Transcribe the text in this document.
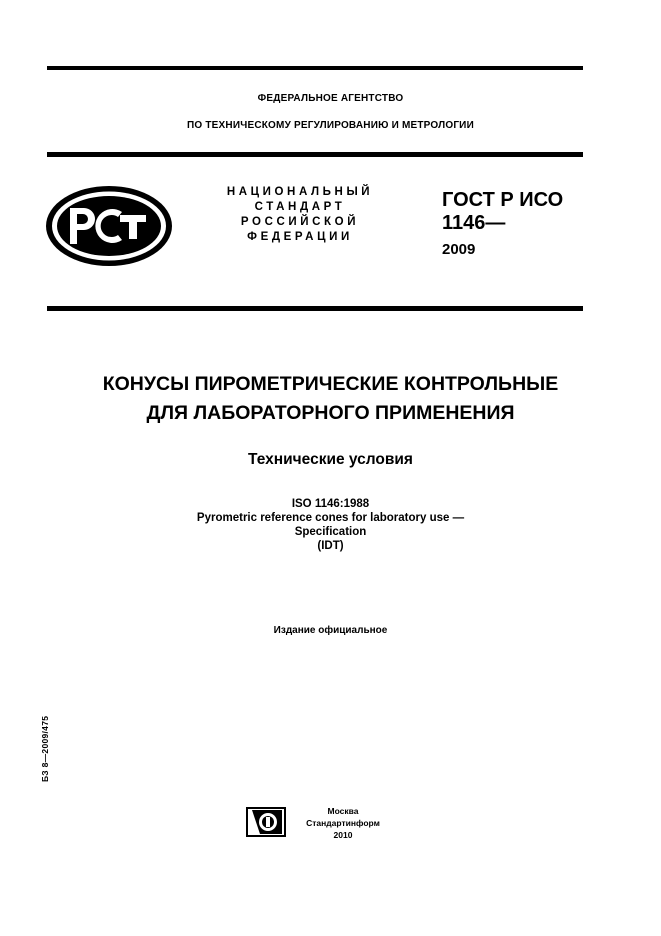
ФЕДЕРАЛЬНОЕ АГЕНТСТВО
ПО ТЕХНИЧЕСКОМУ РЕГУЛИРОВАНИЮ И МЕТРОЛОГИИ
НАЦИОНАЛЬНЫЙ
СТАНДАРТ
РОССИЙСКОЙ
ФЕДЕРАЦИИ
ГОСТ Р ИСО
1146—
2009
КОНУСЫ ПИРОМЕТРИЧЕСКИЕ КОНТРОЛЬНЫЕ
ДЛЯ ЛАБОРАТОРНОГО ПРИМЕНЕНИЯ
Технические условия
ISO 1146:1988
Pyrometric reference cones for laboratory use —
Specification
(IDT)
Издание официальное
БЗ 8—2009/475
Москва
Стандартинформ
2010
